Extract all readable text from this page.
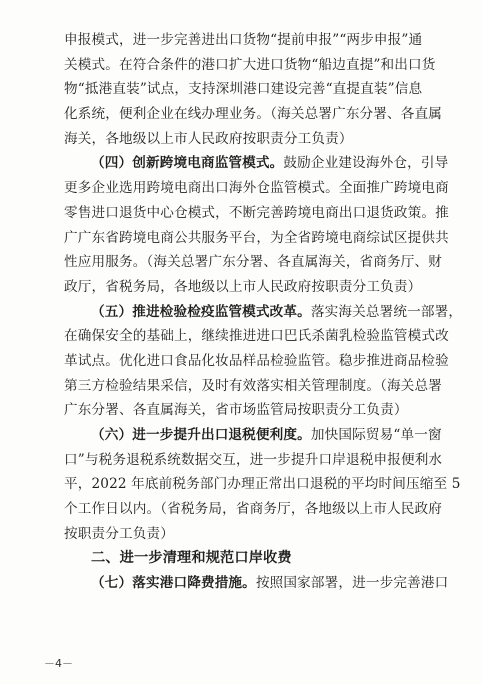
申报模式，进一步完善进出口货物“提前申报”“两步申报”通
关模式。在符合条件的港口扩大进口货物“船边直提”和出口货
物“抵港直装”试点，支持深圳港口建设完善“直提直装”信息
化系统，便利企业在线办理业务。（海关总署广东分署、各直属
海关，各地级以上市人民政府按职责分工负责）
（四）创新跨境电商监管模式。鼓励企业建设海外仓，引导
更多企业选用跨境电商出口海外仓监管模式。全面推广跨境电商
零售进口退货中心仓模式，不断完善跨境电商出口退货政策。推
广广东省跨境电商公共服务平台，为全省跨境电商综试区提供共
性应用服务。（海关总署广东分署、各直属海关，省商务厅、财
政厅，省税务局，各地级以上市人民政府按职责分工负责）
（五）推进检验检疫监管模式改革。落实海关总署统一部署，
在确保安全的基础上，继续推进进口巴氏杀菌乳检验监管模式改
革试点。优化进口食品化妆品样品检验监管。稳步推进商品检验
第三方检验结果采信，及时有效落实相关管理制度。（海关总署
广东分署、各直属海关，省市场监管局按职责分工负责）
（六）进一步提升出口退税便利度。加快国际贸易“单一窗
口”与税务退税系统数据交互，进一步提升口岸退税申报便利水
平，2022 年底前税务部门办理正常出口退税的平均时间压缩至 5
个工作日以内。（省税务局，省商务厅，各地级以上市人民政府
按职责分工负责）
二、进一步清理和规范口岸收费
（七）落实港口降费措施。按照国家部署，进一步完善港口
－4－
